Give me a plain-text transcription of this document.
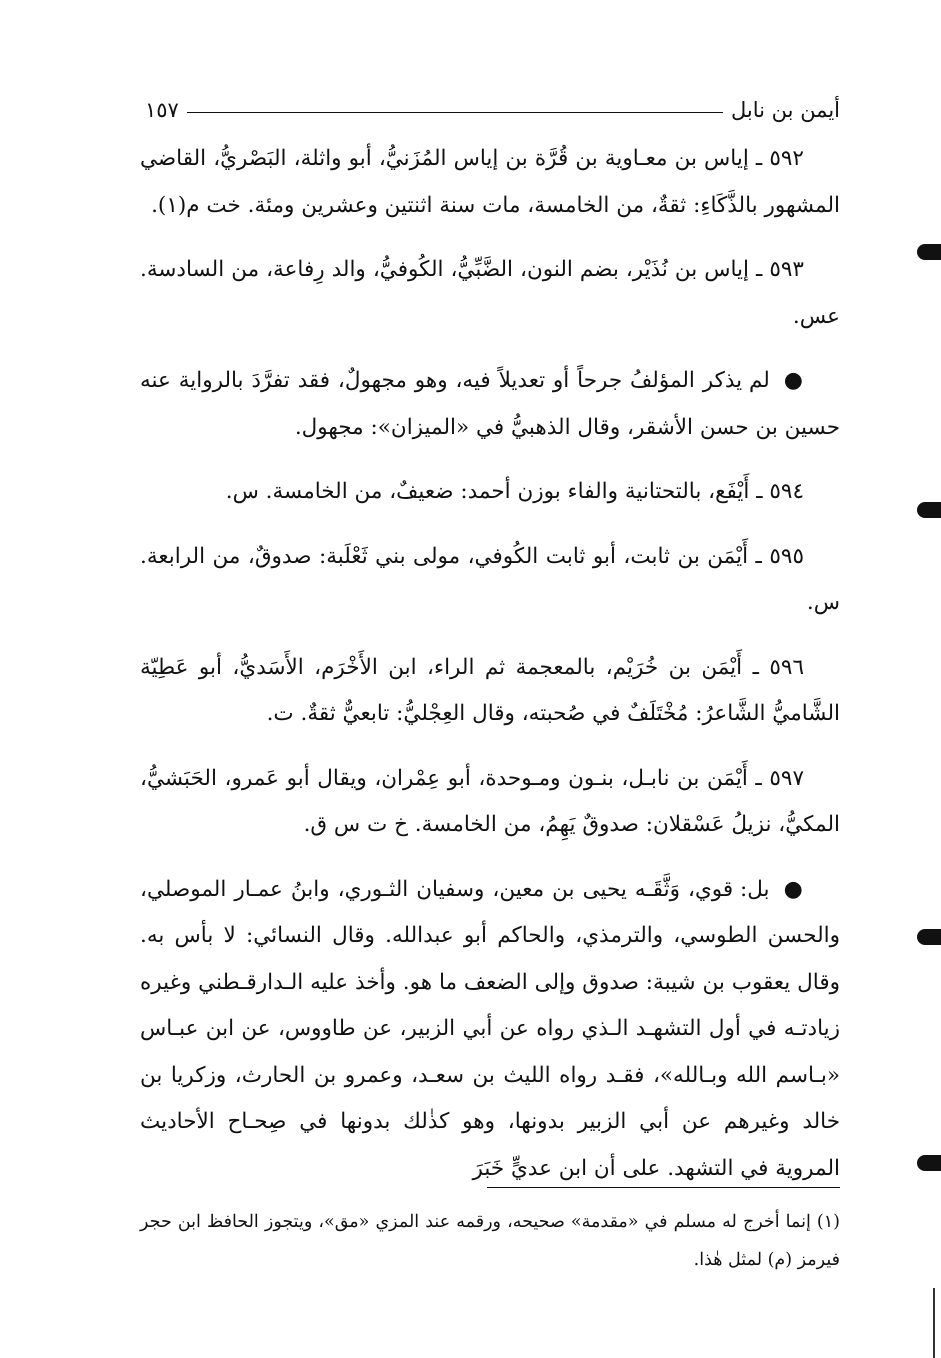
أيمن بن نابل
١٥٧

٥٩٢ ـ إياس بن معـاوية بن قُرَّة بن إياس المُزَنيُّ، أبو واثلة، البَصْريُّ، القاضي المشهور بالذَّكَاءِ: ثقةٌ، من الخامسة، مات سنة اثنتين وعشرين ومئة. خت م(١).

٥٩٣ ـ إياس بن نُذَيْر، بضم النون، الضَّبِّيُّ، الكُوفيُّ، والد رِفاعة، من السادسة. عس.

● لم يذكر المؤلفُ جرحاً أو تعديلاً فيه، وهو مجهولٌ، فقد تفرَّدَ بالرواية عنه حسين بن حسن الأشقر، وقال الذهبيُّ في «الميزان»: مجهول.

٥٩٤ ـ أَيْفَع، بالتحتانية والفاء بوزن أحمد: ضعيفٌ، من الخامسة. س.

٥٩٥ ـ أَيْمَن بن ثابت، أبو ثابت الكُوفي، مولى بني ثَعْلَبة: صدوقٌ، من الرابعة. س.

٥٩٦ ـ أَيْمَن بن خُرَيْم، بالمعجمة ثم الراء، ابن الأَخْرَم، الأَسَديُّ، أبو عَطِيّة الشَّاميُّ الشَّاعرُ: مُخْتَلَفٌ في صُحبته، وقال العِجْليُّ: تابعيٌّ ثقةٌ. ت.

٥٩٧ ـ أَيْمَن بن نابـل، بنـون ومـوحدة، أبو عِمْران، ويقال أبو عَمرو، الحَبَشيُّ، المكيُّ، نزيلُ عَسْقلان: صدوقٌ يَهِمُ، من الخامسة. خ ت س ق.

● بل: قوي، وَثَّقَـه يحيى بن معين، وسفيان الثـوري، وابنُ عمـار الموصلي، والحسن الطوسي، والترمذي، والحاكم أبو عبدالله. وقال النسائي: لا بأس به. وقال يعقوب بن شيبة: صدوق وإلى الضعف ما هو. وأخذ عليه الـدارقـطني وغيره زيادتـه في أول التشهـد الـذي رواه عن أبي الزبير، عن طاووس، عن ابن عبـاس «بـاسم الله وبـالله»، فقـد رواه الليث بن سعـد، وعمرو بن الحارث، وزكريا بن خالد وغيرهم عن أبي الزبير بدونها، وهو كذٰلك بدونها في صِحـاح الأحاديث المروية في التشهد. على أن ابن عديٍّ خَبَرَ

(١) إنما أخرج له مسلم في «مقدمة» صحيحه، ورقمه عند المزي «مق»، ويتجوز الحافظ ابن حجر فيرمز (م) لمثل هٰذا.
